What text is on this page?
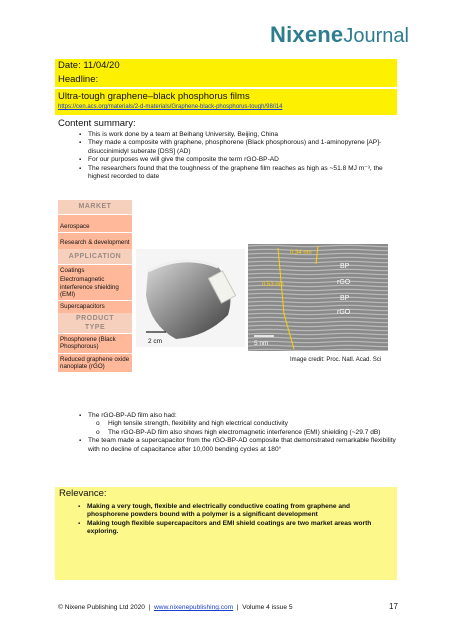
NixeneJournal
Date: 11/04/20
Headline:
Ultra-tough graphene–black phosphorus films
https://cen.acs.org/materials/2-d-materials/Graphene-black-phosphorus-tough/98/i14
Content summary:
▪ This is work done by a team at Beihang University, Beijing, China
▪ They made a composite with graphene, phosphorene (Black phosphorous) and 1-aminopyrene [AP]-disuccinimidyl suberate [DSS] (AD)
▪ For our purposes we will give the composite the term rGO-BP-AD
▪ The researchers found that the toughness of the graphene film reaches as high as ~51.8 MJ m⁻³, the highest recorded to date
MARKET
Aerospace
Research & development
APPLICATION
Coatings
Electromagnetic interference shielding (EMI)
Supercapacitors
PRODUCT TYPE
Phosphorene (Black Phosphorous)
Reduced graphene oxide nanoplate (rGO)
2 cm
0.34 nm
BP
rGO
BP
rGO
0.53 nm
5 nm
Image credit: Proc. Natl. Acad. Sci
▪ The rGO-BP-AD film also had:
o High tensile strength, flexibility and high electrical conductivity
o The rGO-BP-AD film also shows high electromagnetic interference (EMI) shielding (~29.7 dB)
▪ The team made a supercapacitor from the rGO-BP-AD composite that demonstrated remarkable flexibility with no decline of capacitance after 10,000 bending cycles at 180°
Relevance:
▪ Making a very tough, flexible and electrically conductive coating from graphene and phosphorene powders bound with a polymer is a significant development
▪ Making tough flexible supercapacitors and EMI shield coatings are two market areas worth exploring.
© Nixene Publishing Ltd 2020 | www.nixenepublishing.com | Volume 4 issue 5	17
